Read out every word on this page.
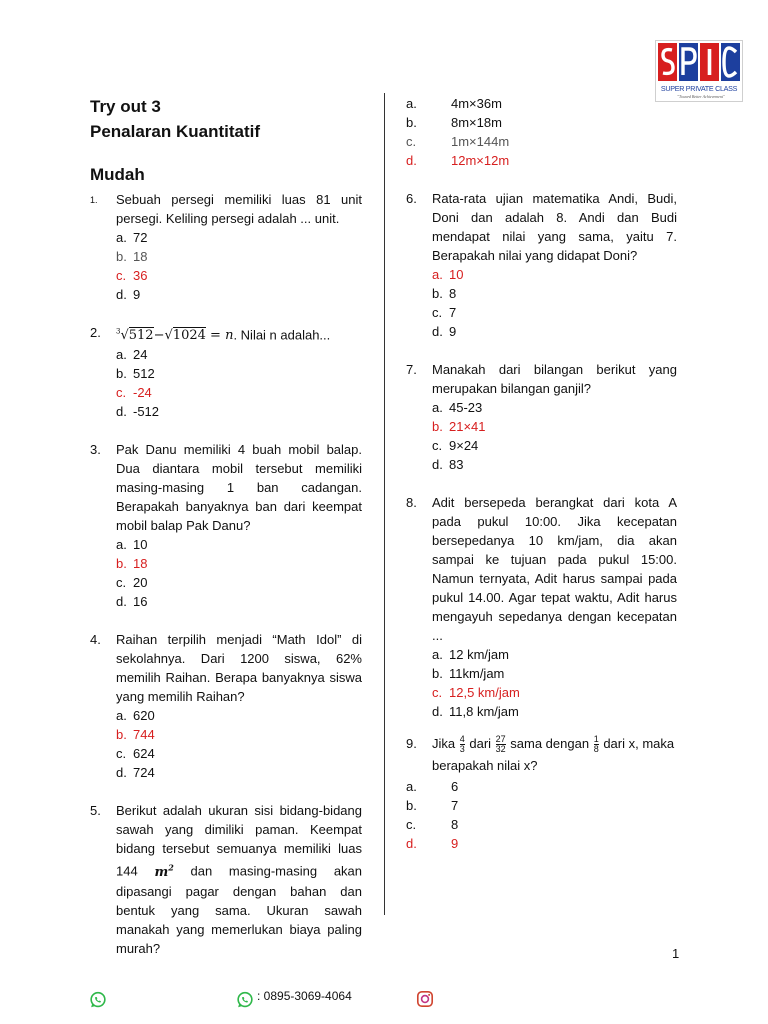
SUPER PRIVATE CLASS
"Toward Better Achievement"
Try out 3
Penalaran Kuantitatif
Mudah
1.	Sebuah persegi memiliki luas 81 unit persegi. Keliling persegi adalah ... unit.
a. 72
b. 18
c. 36
d. 9
2.	$^3$√512−√1024 = n. Nilai n adalah...
a. 24
b. 512
c. -24
d. -512
3.	Pak Danu memiliki 4 buah mobil balap. Dua diantara mobil tersebut memiliki masing-masing 1 ban cadangan. Berapakah banyaknya ban dari keempat mobil balap Pak Danu?
a. 10
b. 18
c. 20
d. 16
4.	Raihan terpilih menjadi “Math Idol” di sekolahnya. Dari 1200 siswa, 62% memilih Raihan. Berapa banyaknya siswa yang memilih Raihan?
a. 620
b. 744
c. 624
d. 724
5.	Berikut adalah ukuran sisi bidang-bidang sawah yang dimiliki paman. Keempat bidang tersebut semuanya memiliki luas 144 $m^2$ dan masing-masing akan dipasangi pagar dengan bahan dan bentuk yang sama. Ukuran sawah manakah yang memerlukan biaya paling murah?
a.	4m×36m
b.	8m×18m
c.	1m×144m
d.	12m×12m
6.	Rata-rata ujian matematika Andi, Budi, Doni dan adalah 8. Andi dan Budi mendapat nilai yang sama, yaitu 7. Berapakah nilai yang didapat Doni?
a. 10
b. 8
c. 7
d. 9
7.	Manakah dari bilangan berikut yang merupakan bilangan ganjil?
a. 45-23
b. 21×41
c. 9×24
d. 83
8.	Adit bersepeda berangkat dari kota A pada pukul 10:00. Jika kecepatan bersepedanya 10 km/jam, dia akan sampai ke tujuan pada pukul 15:00. Namun ternyata, Adit harus sampai pada pukul 14.00. Agar tepat waktu, Adit harus mengayuh sepedanya dengan kecepatan ...
a. 12 km/jam
b. 11km/jam
c. 12,5 km/jam
d. 11,8 km/jam
9.	Jika $\frac{4}{3}$ dari $\frac{27}{32}$ sama dengan $\frac{1}{8}$ dari x, maka berapakah nilai x?
a.	6
b.	7
c.	8
d.	9
1
: 0895-3069-4064
